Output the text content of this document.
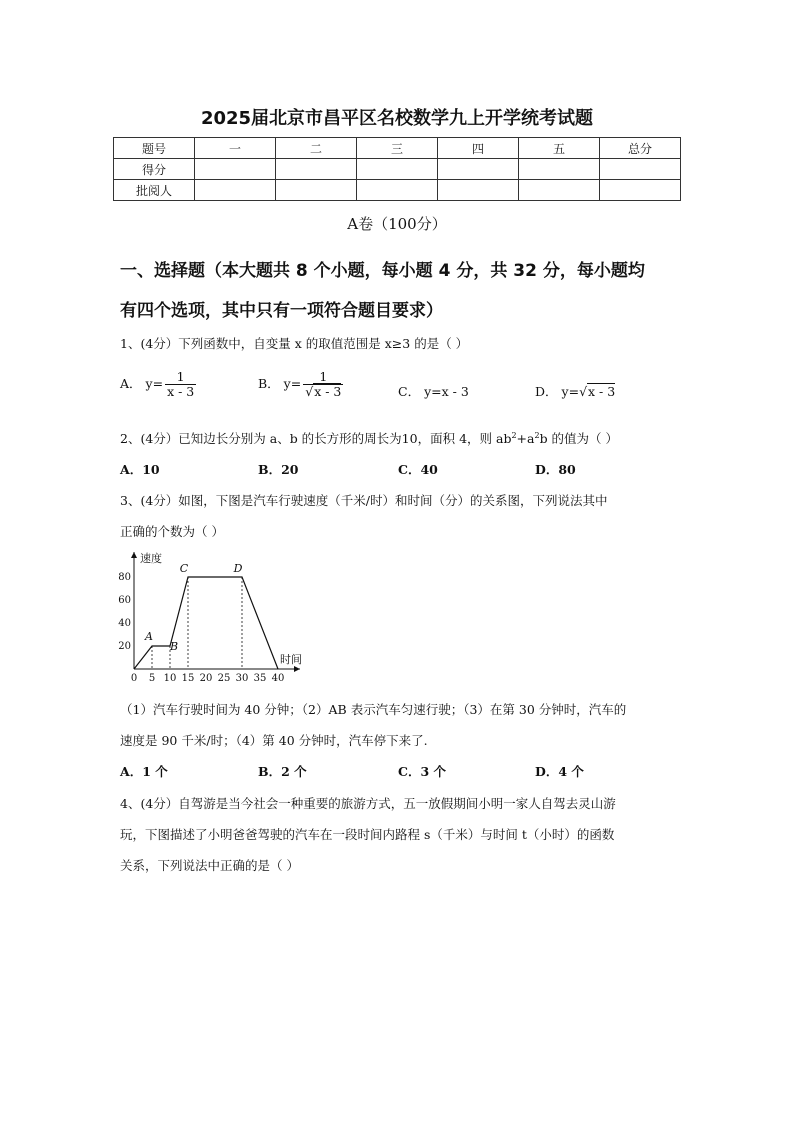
2025届北京市昌平区名校数学九上开学统考试题
题号	一	二	三	四	五	总分
得分						
批阅人						
A卷（100分）
一、选择题（本大题共 8 个小题，每小题 4 分，共 32 分，每小题均
有四个选项，其中只有一项符合题目要求）
1、(4分）下列函数中，自变量 x 的取值范围是 x≥3 的是（ ）
A． $y= \frac{1}{x - 3}$	B． $y= \frac{1}{√x - 3}$	C． y=x - 3	D． y=√x - 3
2、(4分）已知边长分别为 a、b 的长方形的周长为10，面积 4，则 $ab^2+a^2b$ 的值为（ ）
A．10	B．20	C．40	D．80
3、(4分）如图，下图是汽车行驶速度（千米/时）和时间（分）的关系图，下列说法其中
正确的个数为（ ）
速度
时间
0 5 10 15 20 25 30 35 40
20
40
60
80
A
B
C	D
（1）汽车行驶时间为 40 分钟；（2）AB 表示汽车匀速行驶；（3）在第 30 分钟时，汽车的
速度是 90 千米/时；（4）第 40 分钟时，汽车停下来了.
A．1 个	B．2 个	C．3 个	D．4 个
4、(4分）自驾游是当今社会一种重要的旅游方式，五一放假期间小明一家人自驾去灵山游
玩，下图描述了小明爸爸驾驶的汽车在一段时间内路程 s（千米）与时间 t（小时）的函数
关系，下列说法中正确的是（ ）
